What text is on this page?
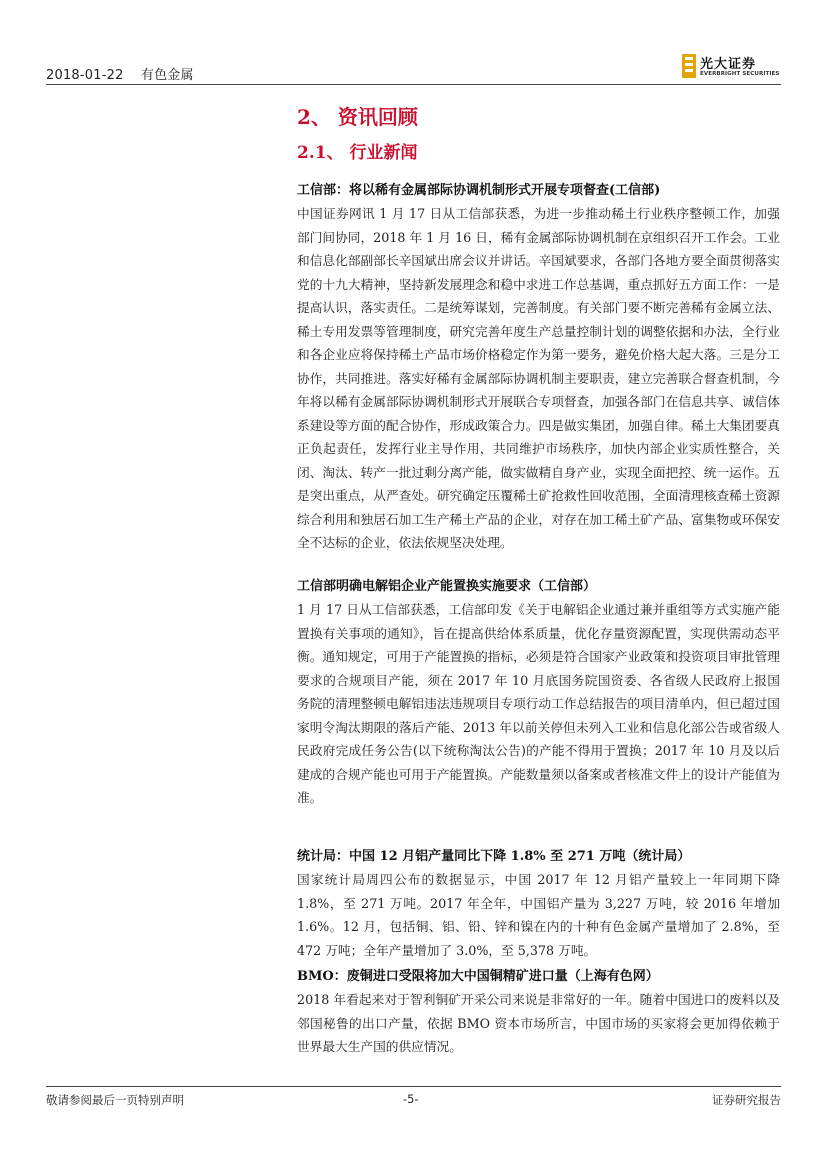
2018-01-22    有色金属
光大证券
EVERBRIGHT SECURITIES
2、 资讯回顾
2.1、 行业新闻
工信部：将以稀有金属部际协调机制形式开展专项督查(工信部)

中国证券网讯 1 月 17 日从工信部获悉，为进一步推动稀土行业秩序整顿工作，加强部门间协同，2018 年 1 月 16 日，稀有金属部际协调机制在京组织召开工作会。工业和信息化部副部长辛国斌出席会议并讲话。辛国斌要求，各部门各地方要全面贯彻落实党的十九大精神，坚持新发展理念和稳中求进工作总基调，重点抓好五方面工作：一是提高认识，落实责任。二是统筹谋划，完善制度。有关部门要不断完善稀有金属立法、稀土专用发票等管理制度，研究完善年度生产总量控制计划的调整依据和办法，全行业和各企业应将保持稀土产品市场价格稳定作为第一要务，避免价格大起大落。三是分工协作，共同推进。落实好稀有金属部际协调机制主要职责，建立完善联合督查机制，今年将以稀有金属部际协调机制形式开展联合专项督查，加强各部门在信息共享、诚信体系建设等方面的配合协作，形成政策合力。四是做实集团，加强自律。稀土大集团要真正负起责任，发挥行业主导作用，共同维护市场秩序，加快内部企业实质性整合，关闭、淘汰、转产一批过剩分离产能，做实做精自身产业，实现全面把控、统一运作。五是突出重点，从严查处。研究确定压覆稀土矿抢救性回收范围，全面清理核查稀土资源综合利用和独居石加工生产稀土产品的企业，对存在加工稀土矿产品、富集物或环保安全不达标的企业，依法依规坚决处理。

工信部明确电解铝企业产能置换实施要求（工信部）

1 月 17 日从工信部获悉，工信部印发《关于电解铝企业通过兼并重组等方式实施产能置换有关事项的通知》，旨在提高供给体系质量，优化存量资源配置，实现供需动态平衡。通知规定，可用于产能置换的指标，必须是符合国家产业政策和投资项目审批管理要求的合规项目产能，须在 2017 年 10 月底国务院国资委、各省级人民政府上报国务院的清理整顿电解铝违法违规项目专项行动工作总结报告的项目清单内，但已超过国家明令淘汰期限的落后产能、2013 年以前关停但未列入工业和信息化部公告或省级人民政府完成任务公告(以下统称淘汰公告)的产能不得用于置换；2017 年 10 月及以后建成的合规产能也可用于产能置换。产能数量须以备案或者核准文件上的设计产能值为准。

统计局：中国 12 月铝产量同比下降 1.8% 至 271 万吨（统计局）

国家统计局周四公布的数据显示，中国 2017 年 12 月铝产量较上一年同期下降 1.8%，至 271 万吨。2017 年全年，中国铝产量为 3,227 万吨，较 2016 年增加 1.6%。12 月，包括铜、铝、铅、锌和镍在内的十种有色金属产量增加了 2.8%，至 472 万吨；全年产量增加了 3.0%，至 5,378 万吨。

BMO：废铜进口受限将加大中国铜精矿进口量（上海有色网）

2018 年看起来对于智利铜矿开采公司来说是非常好的一年。随着中国进口的废料以及邻国秘鲁的出口产量，依据 BMO 资本市场所言，中国市场的买家将会更加得依赖于世界最大生产国的供应情况。

敬请参阅最后一页特别声明	-5-	证券研究报告
